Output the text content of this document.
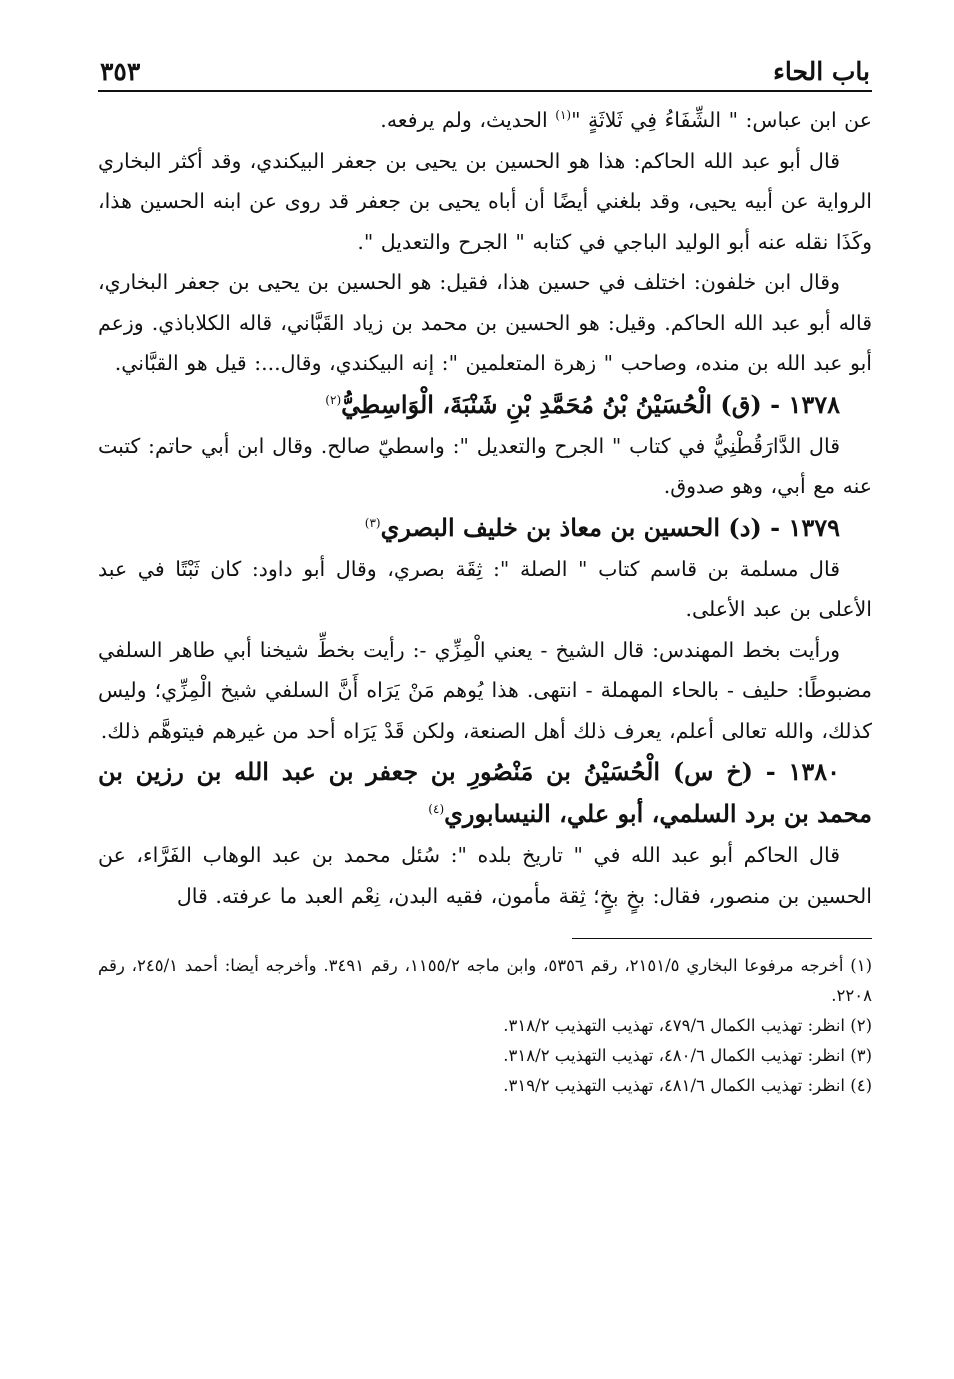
باب الحاء
٣٥٣

عن ابن عباس: " الشِّفَاءُ فِي ثَلاثَةٍ "$^{(١)}$ الحديث، ولم يرفعه.

قال أبو عبد الله الحاكم: هذا هو الحسين بن يحيى بن جعفر البيكندي، وقد أكثر البخاري الرواية عن أبيه يحيى، وقد بلغني أيضًا أن أباه يحيى بن جعفر قد روى عن ابنه الحسين هذا، وكَذَا نقله عنه أبو الوليد الباجي في كتابه " الجرح والتعديل ".

وقال ابن خلفون: اختلف في حسين هذا، فقيل: هو الحسين بن يحيى بن جعفر البخاري، قاله أبو عبد الله الحاكم. وقيل: هو الحسين بن محمد بن زياد القَبَّاني، قاله الكلاباذي. وزعم أبو عبد الله بن منده، وصاحب " زهرة المتعلمين ": إنه البيكندي، وقال...: قيل هو القبَّاني.

١٣٧٨ - (ق) الْحُسَيْنُ بْنُ مُحَمَّدِ بْنِ شَنْبَةَ، الْوَاسِطِيُّ$^{(٢)}$

قال الدَّارَقُطْنِيُّ في كتاب " الجرح والتعديل ": واسطيّ صالح. وقال ابن أبي حاتم: كتبت عنه مع أبي، وهو صدوق.

١٣٧٩ - (د) الحسين بن معاذ بن خليف البصري$^{(٣)}$

قال مسلمة بن قاسم كتاب " الصلة ": ثِقَة بصري، وقال أبو داود: كان ثَبْتًا في عبد الأعلى بن عبد الأعلى.

ورأيت بخط المهندس: قال الشيخ - يعني الْمِزِّي -: رأيت بخطِّ شيخنا أبي طاهر السلفي مضبوطًا: حليف - بالحاء المهملة - انتهى. هذا يُوهم مَنْ يَرَاه أَنَّ السلفي شيخ الْمِزِّي؛ وليس كذلك، والله تعالى أعلم، يعرف ذلك أهل الصنعة، ولكن قَدْ يَرَاه أحد من غيرهم فيتوهَّم ذلك.

١٣٨٠ - (خ س) الْحُسَيْنُ بن مَنْصُورِ بن جعفر بن عبد الله بن رزين بن محمد بن برد السلمي، أبو علي، النيسابوري$^{(٤)}$

قال الحاكم أبو عبد الله في " تاريخ بلده ": سُئل محمد بن عبد الوهاب الفَرَّاء، عن الحسين بن منصور، فقال: بخٍ بخٍ؛ ثِقة مأمون، فقيه البدن، نِعْم العبد ما عرفته. قال

(١) أخرجه مرفوعا البخاري ٢١٥١/٥، رقم ٥٣٥٦، وابن ماجه ١١٥٥/٢، رقم ٣٤٩١. وأخرجه أيضا: أحمد ٢٤٥/١، رقم ٢٢٠٨.

(٢) انظر: تهذيب الكمال ٤٧٩/٦، تهذيب التهذيب ٣١٨/٢.

(٣) انظر: تهذيب الكمال ٤٨٠/٦، تهذيب التهذيب ٣١٨/٢.

(٤) انظر: تهذيب الكمال ٤٨١/٦، تهذيب التهذيب ٣١٩/٢.
